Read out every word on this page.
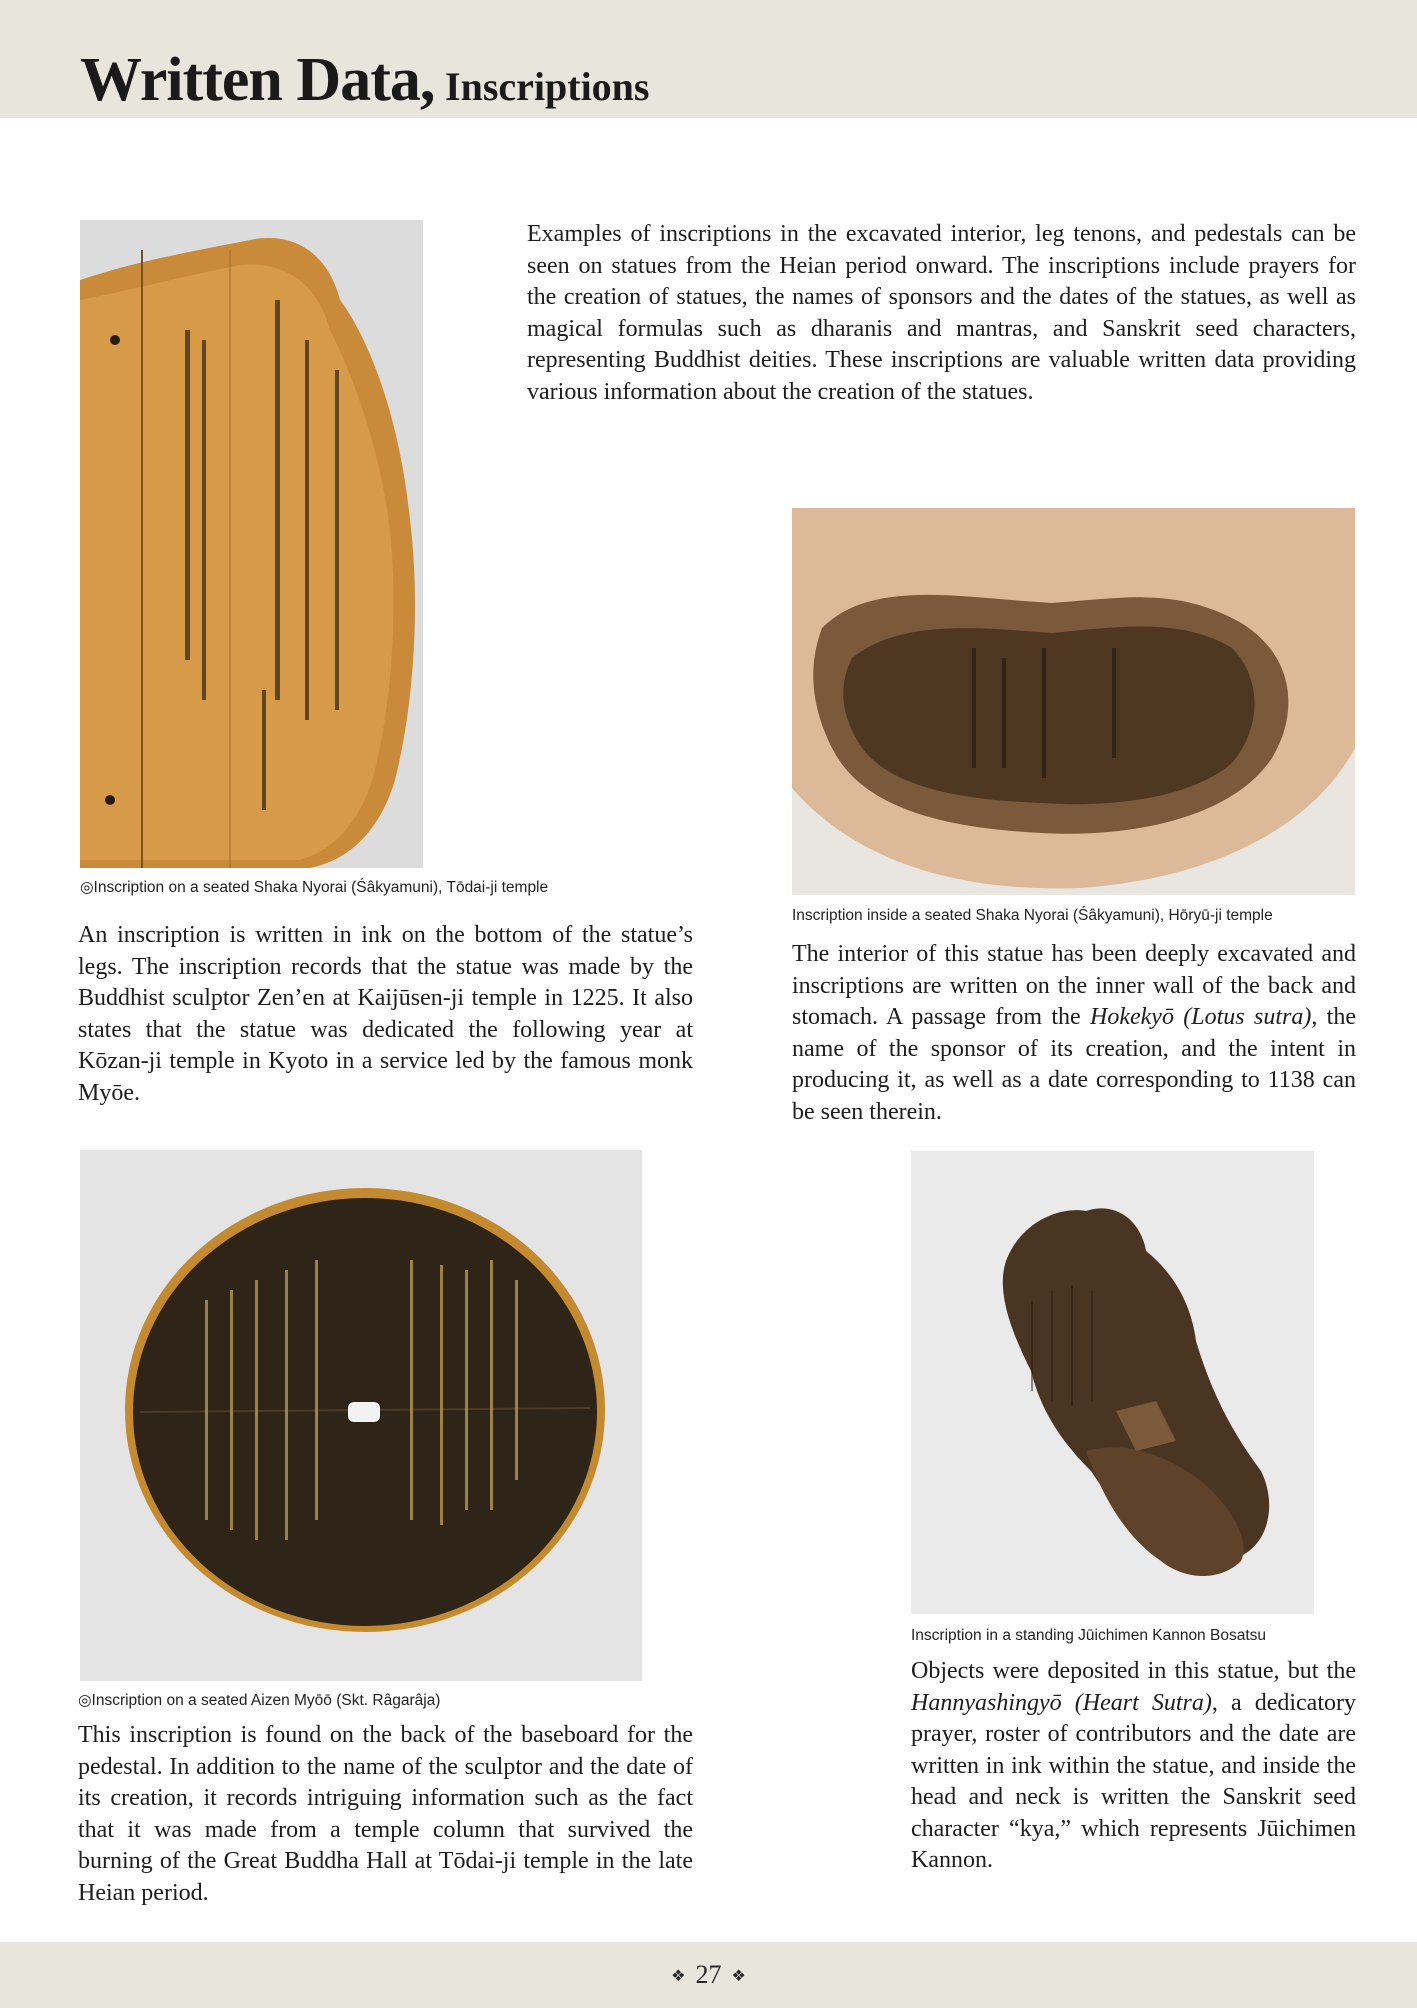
Written Data, Inscriptions
Examples of inscriptions in the excavated interior, leg tenons, and pedestals can be seen on statues from the Heian period onward. The inscriptions include prayers for the creation of statues, the names of sponsors and the dates of the statues, as well as magical formulas such as dharanis and mantras, and Sanskrit seed characters, representing Buddhist deities. These inscriptions are valuable written data providing various information about the creation of the statues.
◎Inscription on a seated Shaka Nyorai (Śâkyamuni), Tōdai-ji temple
An inscription is written in ink on the bottom of the statue’s legs. The inscription records that the statue was made by the Buddhist sculptor Zen’en at Kaijūsen-ji temple in 1225. It also states that the statue was dedicated the following year at Kōzan-ji temple in Kyoto in a service led by the famous monk Myōe.
Inscription inside a seated Shaka Nyorai (Śâkyamuni), Hōryū-ji temple
The interior of this statue has been deeply excavated and inscriptions are written on the inner wall of the back and stomach. A passage from the Hokekyō (Lotus sutra), the name of the sponsor of its creation, and the intent in producing it, as well as a date corresponding to 1138 can be seen therein.
◎Inscription on a seated Aizen Myōō (Skt. Râgarâja)
This inscription is found on the back of the baseboard for the pedestal. In addition to the name of the sculptor and the date of its creation, it records intriguing information such as the fact that it was made from a temple column that survived the burning of the Great Buddha Hall at Tōdai-ji temple in the late Heian period.
Inscription in a standing Jūichimen Kannon Bosatsu
Objects were deposited in this statue, but the Hannyashingyō (Heart Sutra), a dedicatory prayer, roster of contributors and the date are written in ink within the statue, and inside the head and neck is written the Sanskrit seed character “kya,” which represents Jūichimen Kannon.
❖ 27 ❖
